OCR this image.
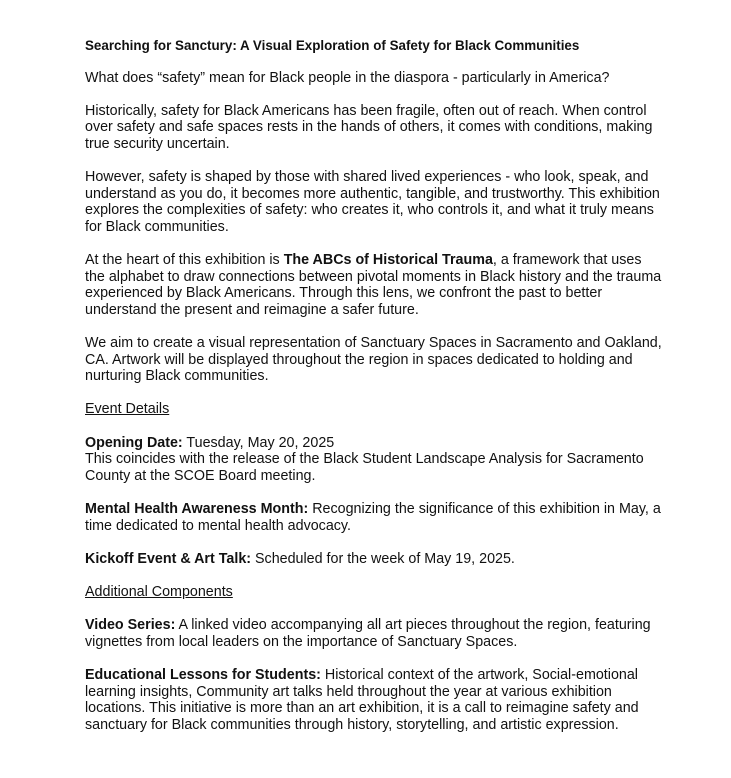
Searching for Sanctury: A Visual Exploration of Safety for Black Communities

What does “safety” mean for Black people in the diaspora - particularly in America?

Historically, safety for Black Americans has been fragile, often out of reach. When control over safety and safe spaces rests in the hands of others, it comes with conditions, making true security uncertain.

However, safety is shaped by those with shared lived experiences - who look, speak, and understand as you do, it becomes more authentic, tangible, and trustworthy. This exhibition explores the complexities of safety: who creates it, who controls it, and what it truly means for Black communities.

At the heart of this exhibition is The ABCs of Historical Trauma, a framework that uses the alphabet to draw connections between pivotal moments in Black history and the trauma experienced by Black Americans. Through this lens, we confront the past to better understand the present and reimagine a safer future.

We aim to create a visual representation of Sanctuary Spaces in Sacramento and Oakland, CA. Artwork will be displayed throughout the region in spaces dedicated to holding and nurturing Black communities.

Event Details

Opening Date: Tuesday, May 20, 2025

This coincides with the release of the Black Student Landscape Analysis for Sacramento County at the SCOE Board meeting.

Mental Health Awareness Month: Recognizing the significance of this exhibition in May, a time dedicated to mental health advocacy.

Kickoff Event & Art Talk: Scheduled for the week of May 19, 2025.

Additional Components

Video Series: A linked video accompanying all art pieces throughout the region, featuring vignettes from local leaders on the importance of Sanctuary Spaces.

Educational Lessons for Students: Historical context of the artwork, Social-emotional learning insights, Community art talks held throughout the year at various exhibition locations. This initiative is more than an art exhibition, it is a call to reimagine safety and sanctuary for Black communities through history, storytelling, and artistic expression.
